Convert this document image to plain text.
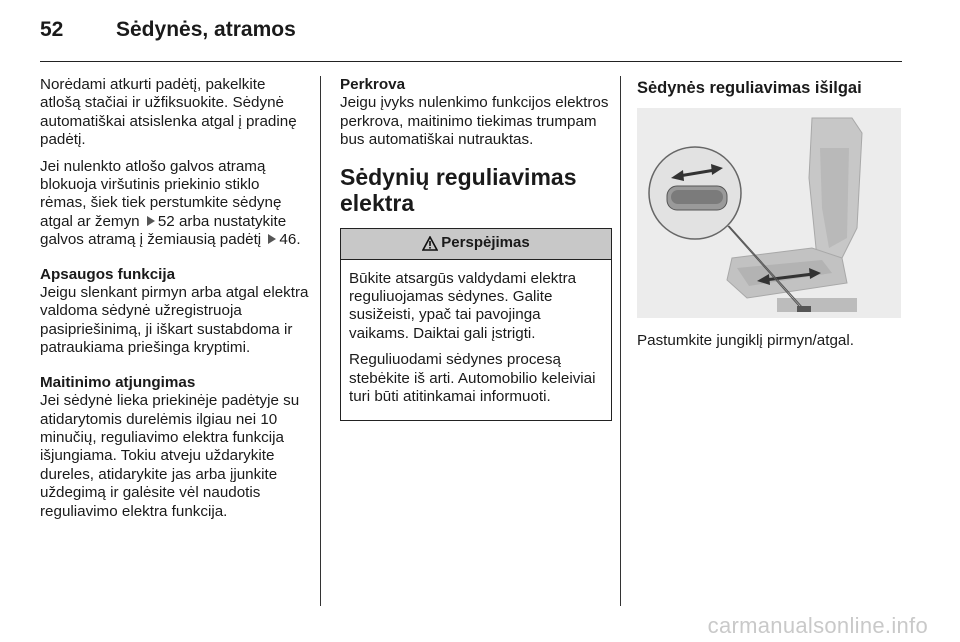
52	Sėdynės, atramos

Norėdami atkurti padėtį, pakelkite atlošą stačiai ir užfiksuokite. Sėdynė automatiškai atsislenka atgal į pradinę padėtį.

Jei nulenkto atlošo galvos atramą blokuoja viršutinis priekinio stiklo rėmas, šiek tiek perstumkite sėdynę atgal ar žemyn 52 arba nustatykite galvos atramą į žemiausią padėtį 46.

Apsaugos funkcija

Jeigu slenkant pirmyn arba atgal elektra valdoma sėdynė užregistruoja pasipriešinimą, ji iškart sustabdoma ir patraukiama priešinga kryptimi.

Maitinimo atjungimas

Jei sėdynė lieka priekinėje padėtyje su atidarytomis durelėmis ilgiau nei 10 minučių, reguliavimo elektra funkcija išjungiama. Tokiu atveju uždarykite dureles, atidarykite jas arba įjunkite uždegimą ir galėsite vėl naudotis reguliavimo elektra funkcija.

Perkrova

Jeigu įvyks nulenkimo funkcijos elektros perkrova, maitinimo tiekimas trumpam bus automatiškai nutrauktas.

Sėdynių reguliavimas elektra
Perspėjimas

Būkite atsargūs valdydami elektra reguliuojamas sėdynes. Galite susižeisti, ypač tai pavojinga vaikams. Daiktai gali įstrigti.

Reguliuodami sėdynes procesą stebėkite iš arti. Automobilio keleiviai turi būti atitinkamai informuoti.

Sėdynės reguliavimas išilgai

Pastumkite jungiklį pirmyn/atgal.

carmanualsonline.info
